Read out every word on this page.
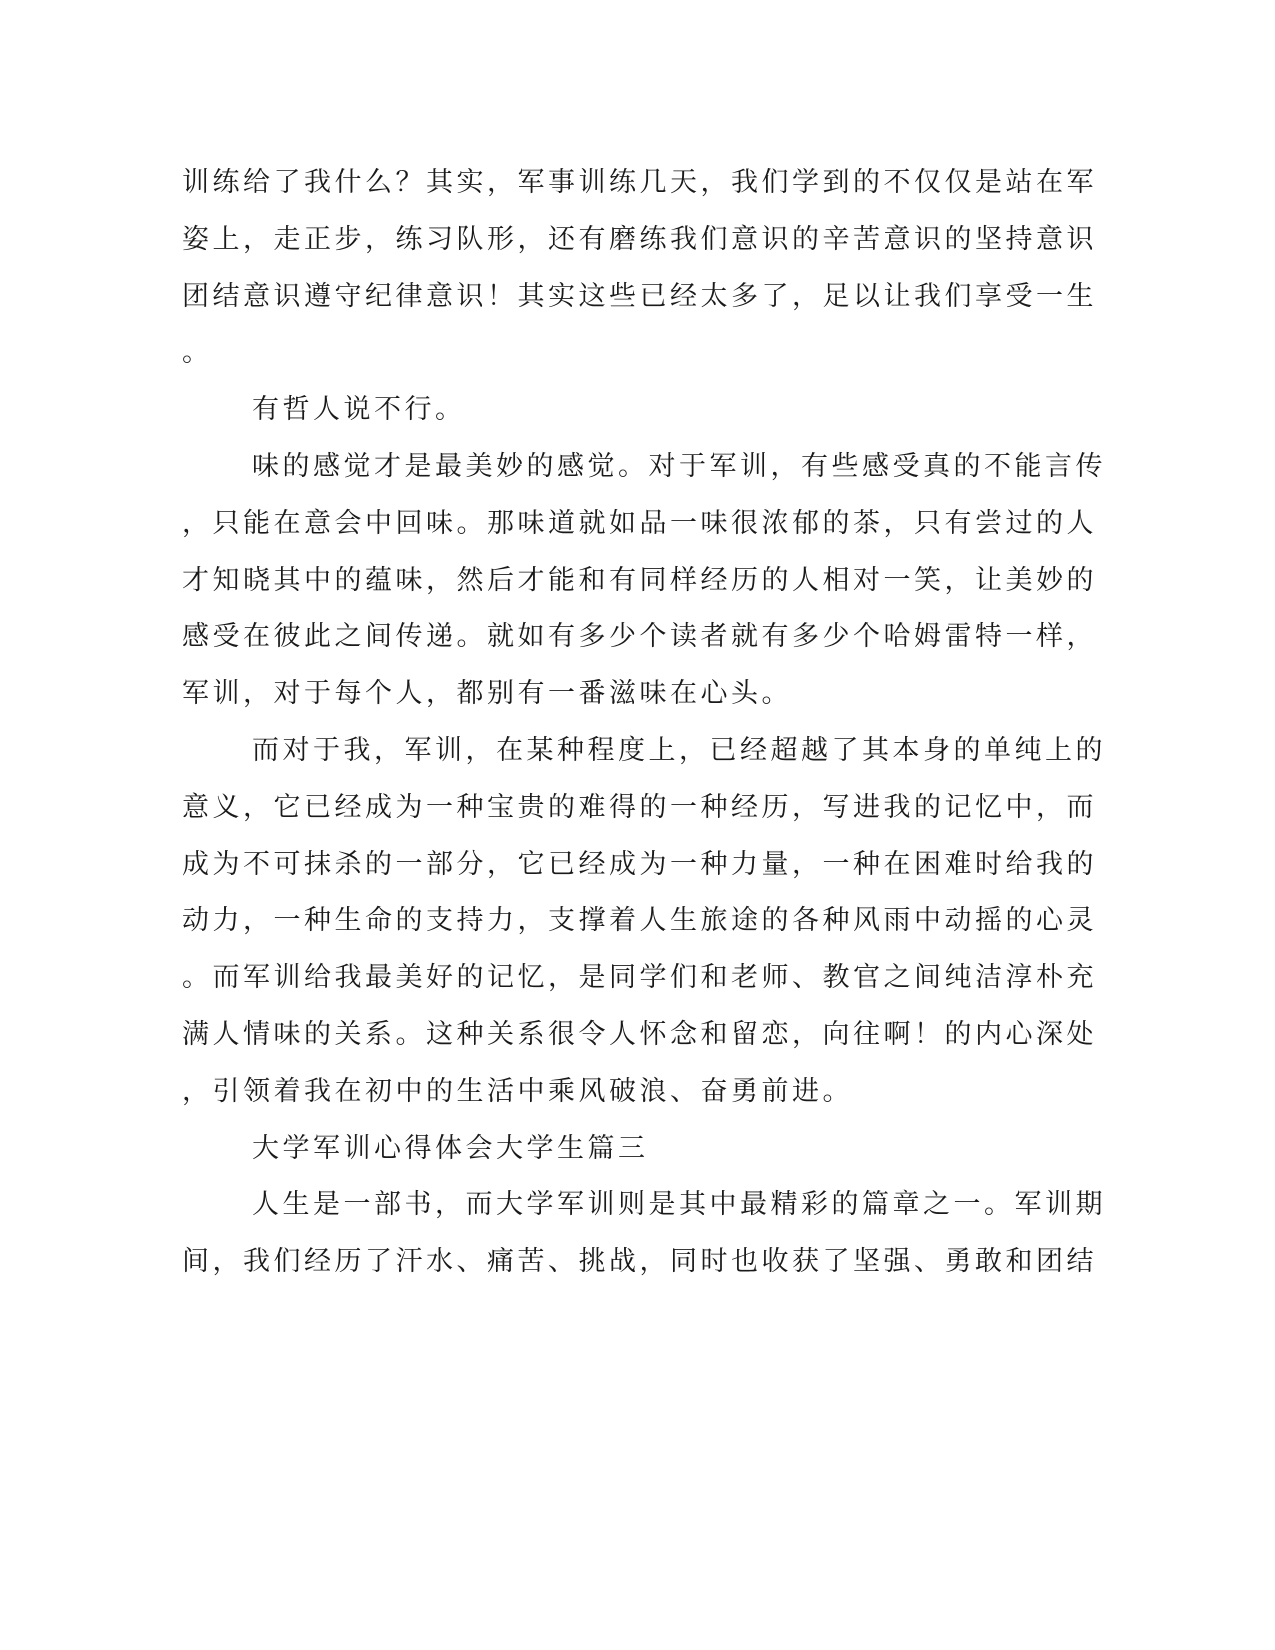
训练给了我什么？其实，军事训练几天，我们学到的不仅仅是站在军
姿上，走正步，练习队形，还有磨练我们意识的辛苦意识的坚持意识
团结意识遵守纪律意识！其实这些已经太多了，足以让我们享受一生
。
有哲人说不行。
味的感觉才是最美妙的感觉。对于军训，有些感受真的不能言传
，只能在意会中回味。那味道就如品一味很浓郁的茶，只有尝过的人
才知晓其中的蕴味，然后才能和有同样经历的人相对一笑，让美妙的
感受在彼此之间传递。就如有多少个读者就有多少个哈姆雷特一样，
军训，对于每个人，都别有一番滋味在心头。
而对于我，军训，在某种程度上，已经超越了其本身的单纯上的
意义，它已经成为一种宝贵的难得的一种经历，写进我的记忆中，而
成为不可抹杀的一部分，它已经成为一种力量，一种在困难时给我的
动力，一种生命的支持力，支撑着人生旅途的各种风雨中动摇的心灵
。而军训给我最美好的记忆，是同学们和老师、教官之间纯洁淳朴充
满人情味的关系。这种关系很令人怀念和留恋，向往啊！的内心深处
，引领着我在初中的生活中乘风破浪、奋勇前进。
大学军训心得体会大学生篇三
人生是一部书，而大学军训则是其中最精彩的篇章之一。军训期
间，我们经历了汗水、痛苦、挑战，同时也收获了坚强、勇敢和团结
